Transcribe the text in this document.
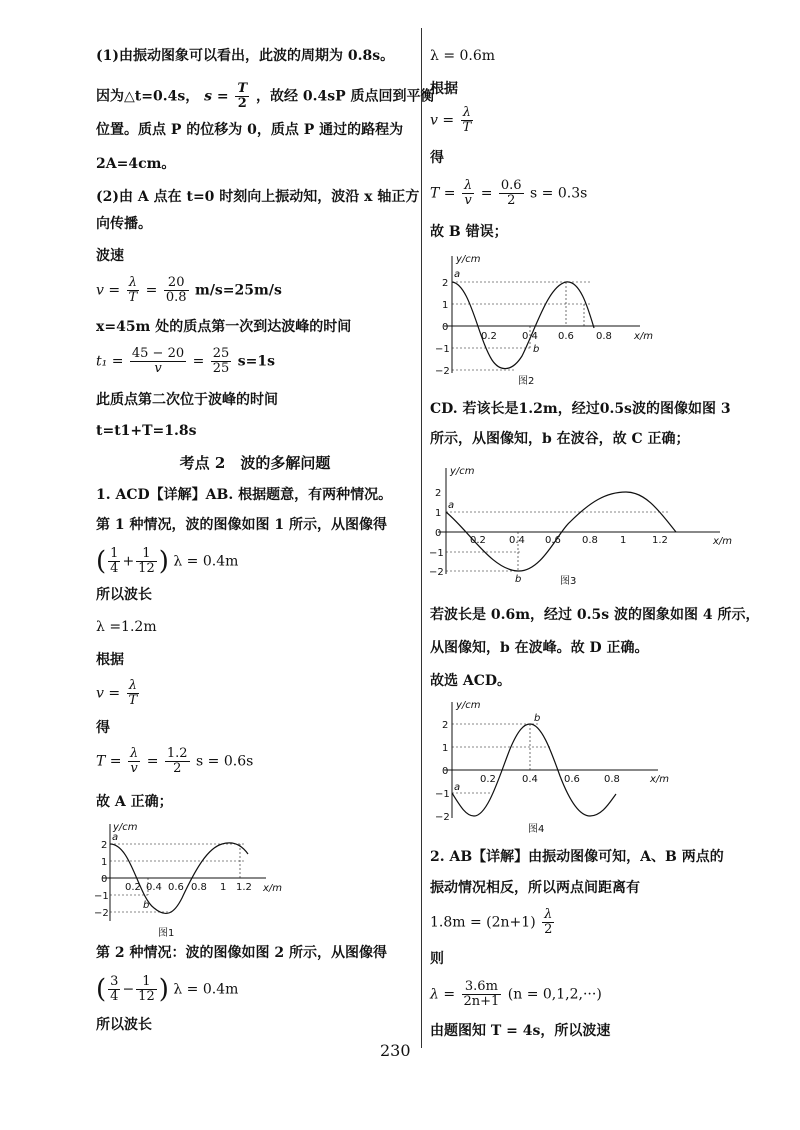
(1)由振动图象可以看出，此波的周期为 0.8s。
因为△t=0.4s， $s = \frac{T}{2}$ ，故经 0.4sP 质点回到平衡
位置。质点 P 的位移为 0，质点 P 通过的路程为
2A=4cm。
(2)由 A 点在 t=0 时刻向上振动知，波沿 x 轴正方
向传播。
波速
$v = \frac{\lambda}{T} = \frac{20}{0.8} m/s=25m/s$
x=45m 处的质点第一次到达波峰的时间
$t_1 = \frac{45 - 20}{v} = \frac{25}{25} s=1s$
此质点第二次位于波峰的时间
t=t1+T=1.8s
考点 2　波的多解问题
1. ACD【详解】AB. 根据题意，有两种情况。
第 1 种情况，波的图像如图 1 所示，从图像得
( $\frac{1}{4} + \frac{1}{12}$ ) λ = 0.4m
所以波长
λ =1.2m
根据
$v = \frac{\lambda}{T}$
得
$T = \frac{\lambda}{v} = \frac{1.2}{2}$ s = 0.6s
故 A 正确；
y/cm
x/m
2
1
0
−1
−2
0.2 0.4 0.6 0.8 1 1.2
a
b
图1
第 2 种情况：波的图像如图 2 所示，从图像得
( $\frac{3}{4} - \frac{1}{12}$ ) λ = 0.4m
所以波长
λ = 0.6m
根据
$v = \frac{\lambda}{T}$
得
$T = \frac{\lambda}{v} = \frac{0.6}{2}$ s = 0.3s
故 B 错误；
y/cm
x/m
2
1
0
−1
−2
0.2	0.4 0.6 0.8
a
b
图2
CD. 若该长是1.2m，经过0.5s波的图像如图 3
所示，从图像知，b 在波谷，故 C 正确；
y/cm
x/m
2
1
0
−1
−2
0.2 0.4 0.6 0.8 1	1.2
a
b	图3
若波长是 0.6m，经过 0.5s 波的图象如图 4 所示，
从图像知，b 在波峰。故 D 正确。
故选 ACD。
y/cm
x/m
2
1
0
−1
−2
0.2	0.4	0.6 0.8
a
b
图4
2. AB【详解】由振动图像可知，A、B 两点的
振动情况相反，所以两点间距离有
$1.8m = (2n+1) \frac{\lambda}{2}$
则
$\lambda = \frac{3.6m}{2n+1} (n = 0,1,2,\cdot\cdot\cdot)$
由题图知 T = 4s，所以波速
230
